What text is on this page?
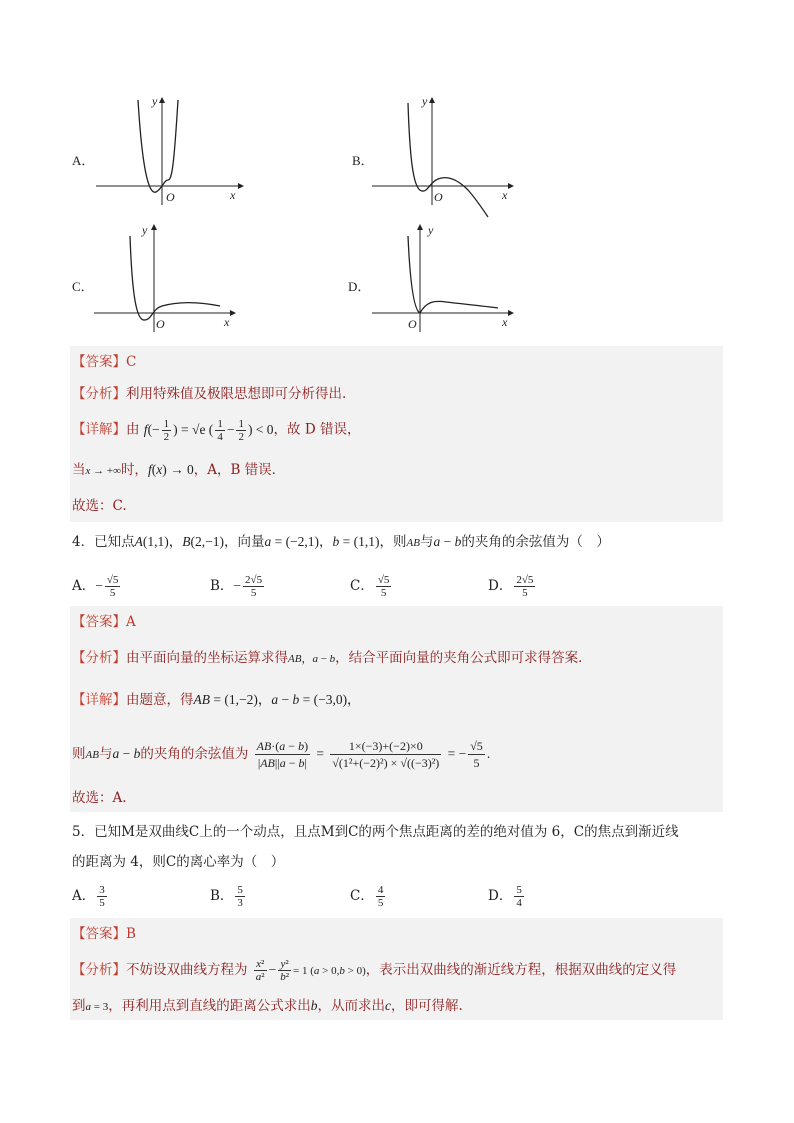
A．
y
x
O
B．
y
x
O
C．
y
x
O
D．
y
x
O
【答案】C
【分析】利用特殊值及极限思想即可分析得出.
【详解】由 $f(- \frac{1}{2}$ ) = √e ( $\frac{1}{4} - \frac{1}{2}$ ) < 0，故 D 错误，
当x → +∞时，f(x) → 0，A，B 错误．
故选：C.
4．已知点A(1,1)，B(2,−1)，向量a = (−2,1)，b = (1,1)，则AB与a − b的夹角的余弦值为（　）
A．− $\frac{√5}{5}$	B．− $\frac{2√5}{5}$	C． $\frac{√5}{5}$	D． $\frac{2√5}{5}$
【答案】A
【分析】由平面向量的坐标运算求得AB，a − b，结合平面向量的夹角公式即可求得答案．
【详解】由题意，得AB = (1,−2)，a − b = (−3,0)，
则AB与a − b的夹角的余弦值为 $\frac{AB\cdot(a - b)}{|AB||a - b|} = \frac{1\times(-3)+(-2)\times 0}{\text{√(1²+(−2)²) × √((−3)²)}}$ = − $\frac{√5}{5}$ .
故选：A.
5．已知M是双曲线C上的一个动点，且点M到C的两个焦点距离的差的绝对值为 6，C的焦点到渐近线
的距离为 4，则C的离心率为（　）
A． $\frac{3}{5}$	B． $\frac{5}{3}$	C． $\frac{4}{5}$	D． $\frac{5}{4}$
【答案】B
【分析】不妨设双曲线方程为 $\frac{\text{x²}}{\text{a²}} - \frac{\text{y²}}{\text{b²}} = 1$ (a > 0,b > 0)，表示出双曲线的渐近线方程，根据双曲线的定义得
到a = 3，再利用点到直线的距离公式求出b，从而求出c，即可得解.
